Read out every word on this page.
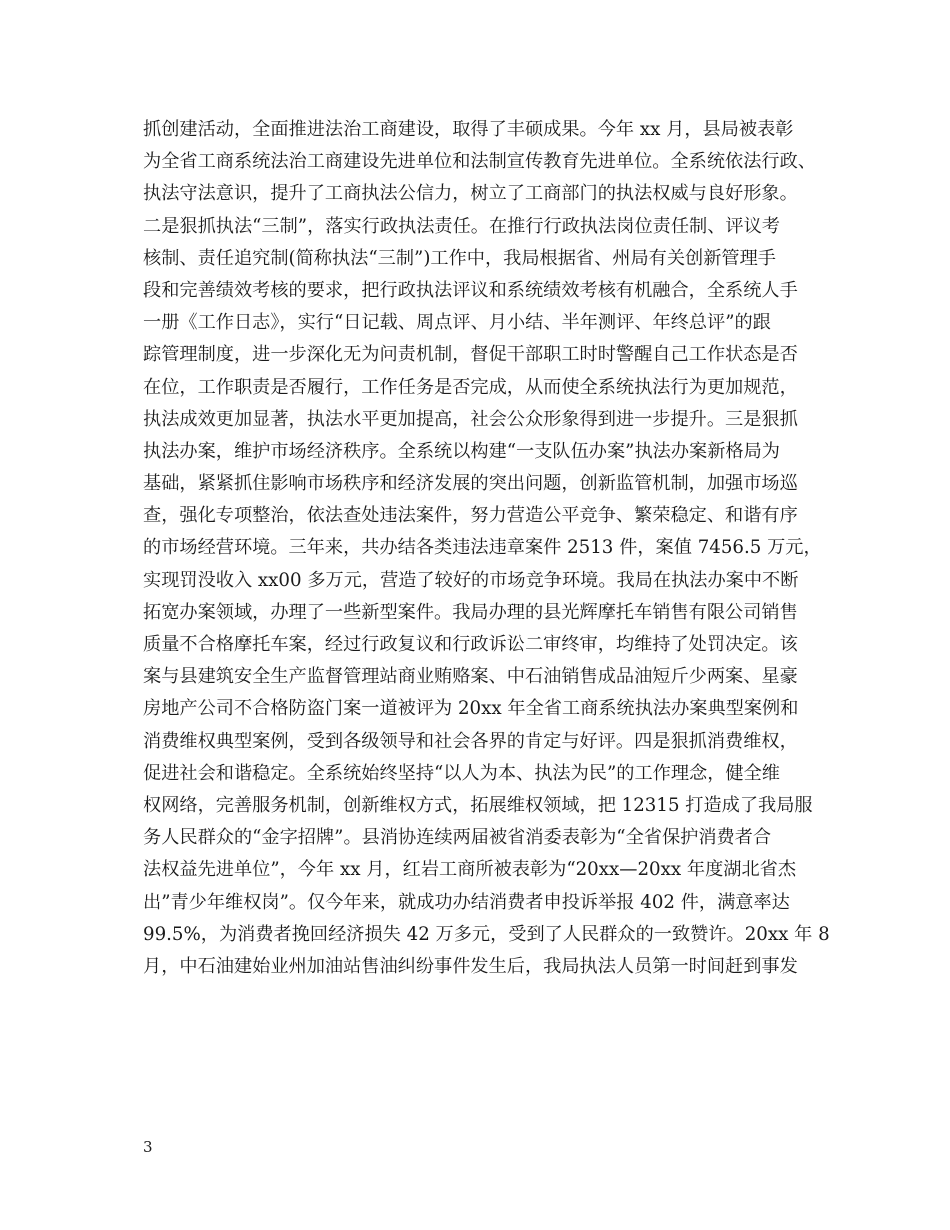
抓创建活动，全面推进法治工商建设，取得了丰硕成果。今年 xx 月，县局被表彰
为全省工商系统法治工商建设先进单位和法制宣传教育先进单位。全系统依法行政、
执法守法意识，提升了工商执法公信力，树立了工商部门的执法权威与良好形象。
二是狠抓执法“三制”，落实行政执法责任。在推行行政执法岗位责任制、评议考
核制、责任追究制(简称执法“三制”)工作中，我局根据省、州局有关创新管理手
段和完善绩效考核的要求，把行政执法评议和系统绩效考核有机融合，全系统人手
一册《工作日志》，实行“日记载、周点评、月小结、半年测评、年终总评”的跟
踪管理制度，进一步深化无为问责机制，督促干部职工时时警醒自己工作状态是否
在位，工作职责是否履行，工作任务是否完成，从而使全系统执法行为更加规范，
执法成效更加显著，执法水平更加提高，社会公众形象得到进一步提升。三是狠抓
执法办案，维护市场经济秩序。全系统以构建“一支队伍办案”执法办案新格局为
基础，紧紧抓住影响市场秩序和经济发展的突出问题，创新监管机制，加强市场巡
查，强化专项整治，依法查处违法案件，努力营造公平竞争、繁荣稳定、和谐有序
的市场经营环境。三年来，共办结各类违法违章案件 2513 件，案值 7456.5 万元，
实现罚没收入 xx00 多万元，营造了较好的市场竞争环境。我局在执法办案中不断
拓宽办案领域，办理了一些新型案件。我局办理的县光辉摩托车销售有限公司销售
质量不合格摩托车案，经过行政复议和行政诉讼二审终审，均维持了处罚决定。该
案与县建筑安全生产监督管理站商业贿赂案、中石油销售成品油短斤少两案、星豪
房地产公司不合格防盗门案一道被评为 20xx 年全省工商系统执法办案典型案例和
消费维权典型案例，受到各级领导和社会各界的肯定与好评。四是狠抓消费维权，
促进社会和谐稳定。全系统始终坚持“以人为本、执法为民”的工作理念，健全维
权网络，完善服务机制，创新维权方式，拓展维权领域，把 12315 打造成了我局服
务人民群众的“金字招牌”。县消协连续两届被省消委表彰为“全省保护消费者合
法权益先进单位”，今年 xx 月，红岩工商所被表彰为“20xx—20xx 年度湖北省杰
出”青少年维权岗”。仅今年来，就成功办结消费者申投诉举报 402 件，满意率达
99.5%，为消费者挽回经济损失 42 万多元，受到了人民群众的一致赞许。20xx 年 8
月，中石油建始业州加油站售油纠纷事件发生后，我局执法人员第一时间赶到事发
3
